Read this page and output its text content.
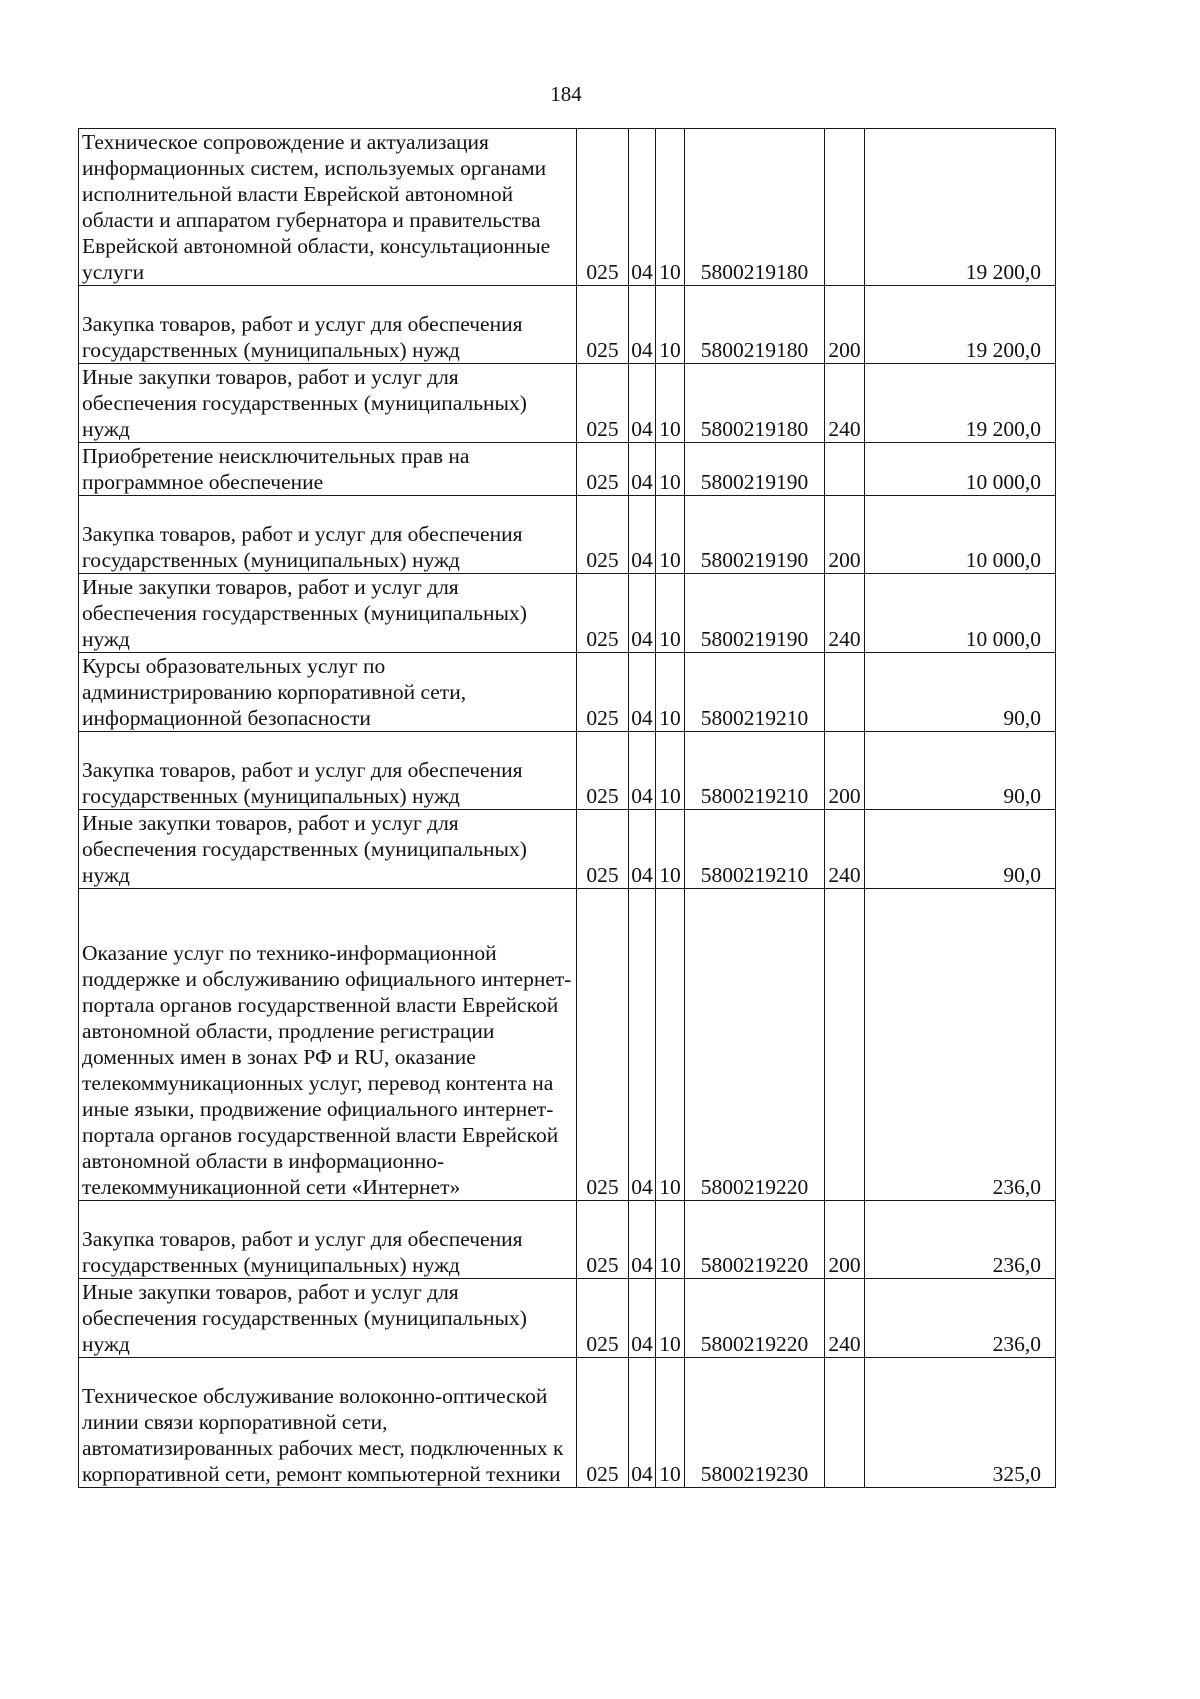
184
Техническое сопровождение и актуализация информационных систем, используемых органами исполнительной власти Еврейской автономной области и аппаратом губернатора и правительства Еврейской автономной области, консультационные услуги	025	04	10	5800219180		19 200,0
Закупка товаров, работ и услуг для обеспечения государственных (муниципальных) нужд	025	04	10	5800219180	200	19 200,0
Иные закупки товаров, работ и услуг для обеспечения государственных (муниципальных) нужд	025	04	10	5800219180	240	19 200,0
Приобретение неисключительных прав на программное обеспечение	025	04	10	5800219190		10 000,0
Закупка товаров, работ и услуг для обеспечения государственных (муниципальных) нужд	025	04	10	5800219190	200	10 000,0
Иные закупки товаров, работ и услуг для обеспечения государственных (муниципальных) нужд	025	04	10	5800219190	240	10 000,0
Курсы образовательных услуг по администрированию корпоративной сети, информационной безопасности	025	04	10	5800219210		90,0
Закупка товаров, работ и услуг для обеспечения государственных (муниципальных) нужд	025	04	10	5800219210	200	90,0
Иные закупки товаров, работ и услуг для обеспечения государственных (муниципальных) нужд	025	04	10	5800219210	240	90,0
Оказание услуг по технико-информационной поддержке и обслуживанию официального интернет-портала органов государственной власти Еврейской автономной области, продление регистрации доменных имен в зонах РФ и RU, оказание телекоммуникационных услуг, перевод контента на иные языки, продвижение официального интернет-портала органов государственной власти Еврейской автономной области в информационно-телекоммуникационной сети «Интернет»	025	04	10	5800219220		236,0
Закупка товаров, работ и услуг для обеспечения государственных (муниципальных) нужд	025	04	10	5800219220	200	236,0
Иные закупки товаров, работ и услуг для обеспечения государственных (муниципальных) нужд	025	04	10	5800219220	240	236,0
Техническое обслуживание волоконно-оптической линии связи корпоративной сети, автоматизированных рабочих мест, подключенных к корпоративной сети, ремонт компьютерной техники	025	04	10	5800219230		325,0
